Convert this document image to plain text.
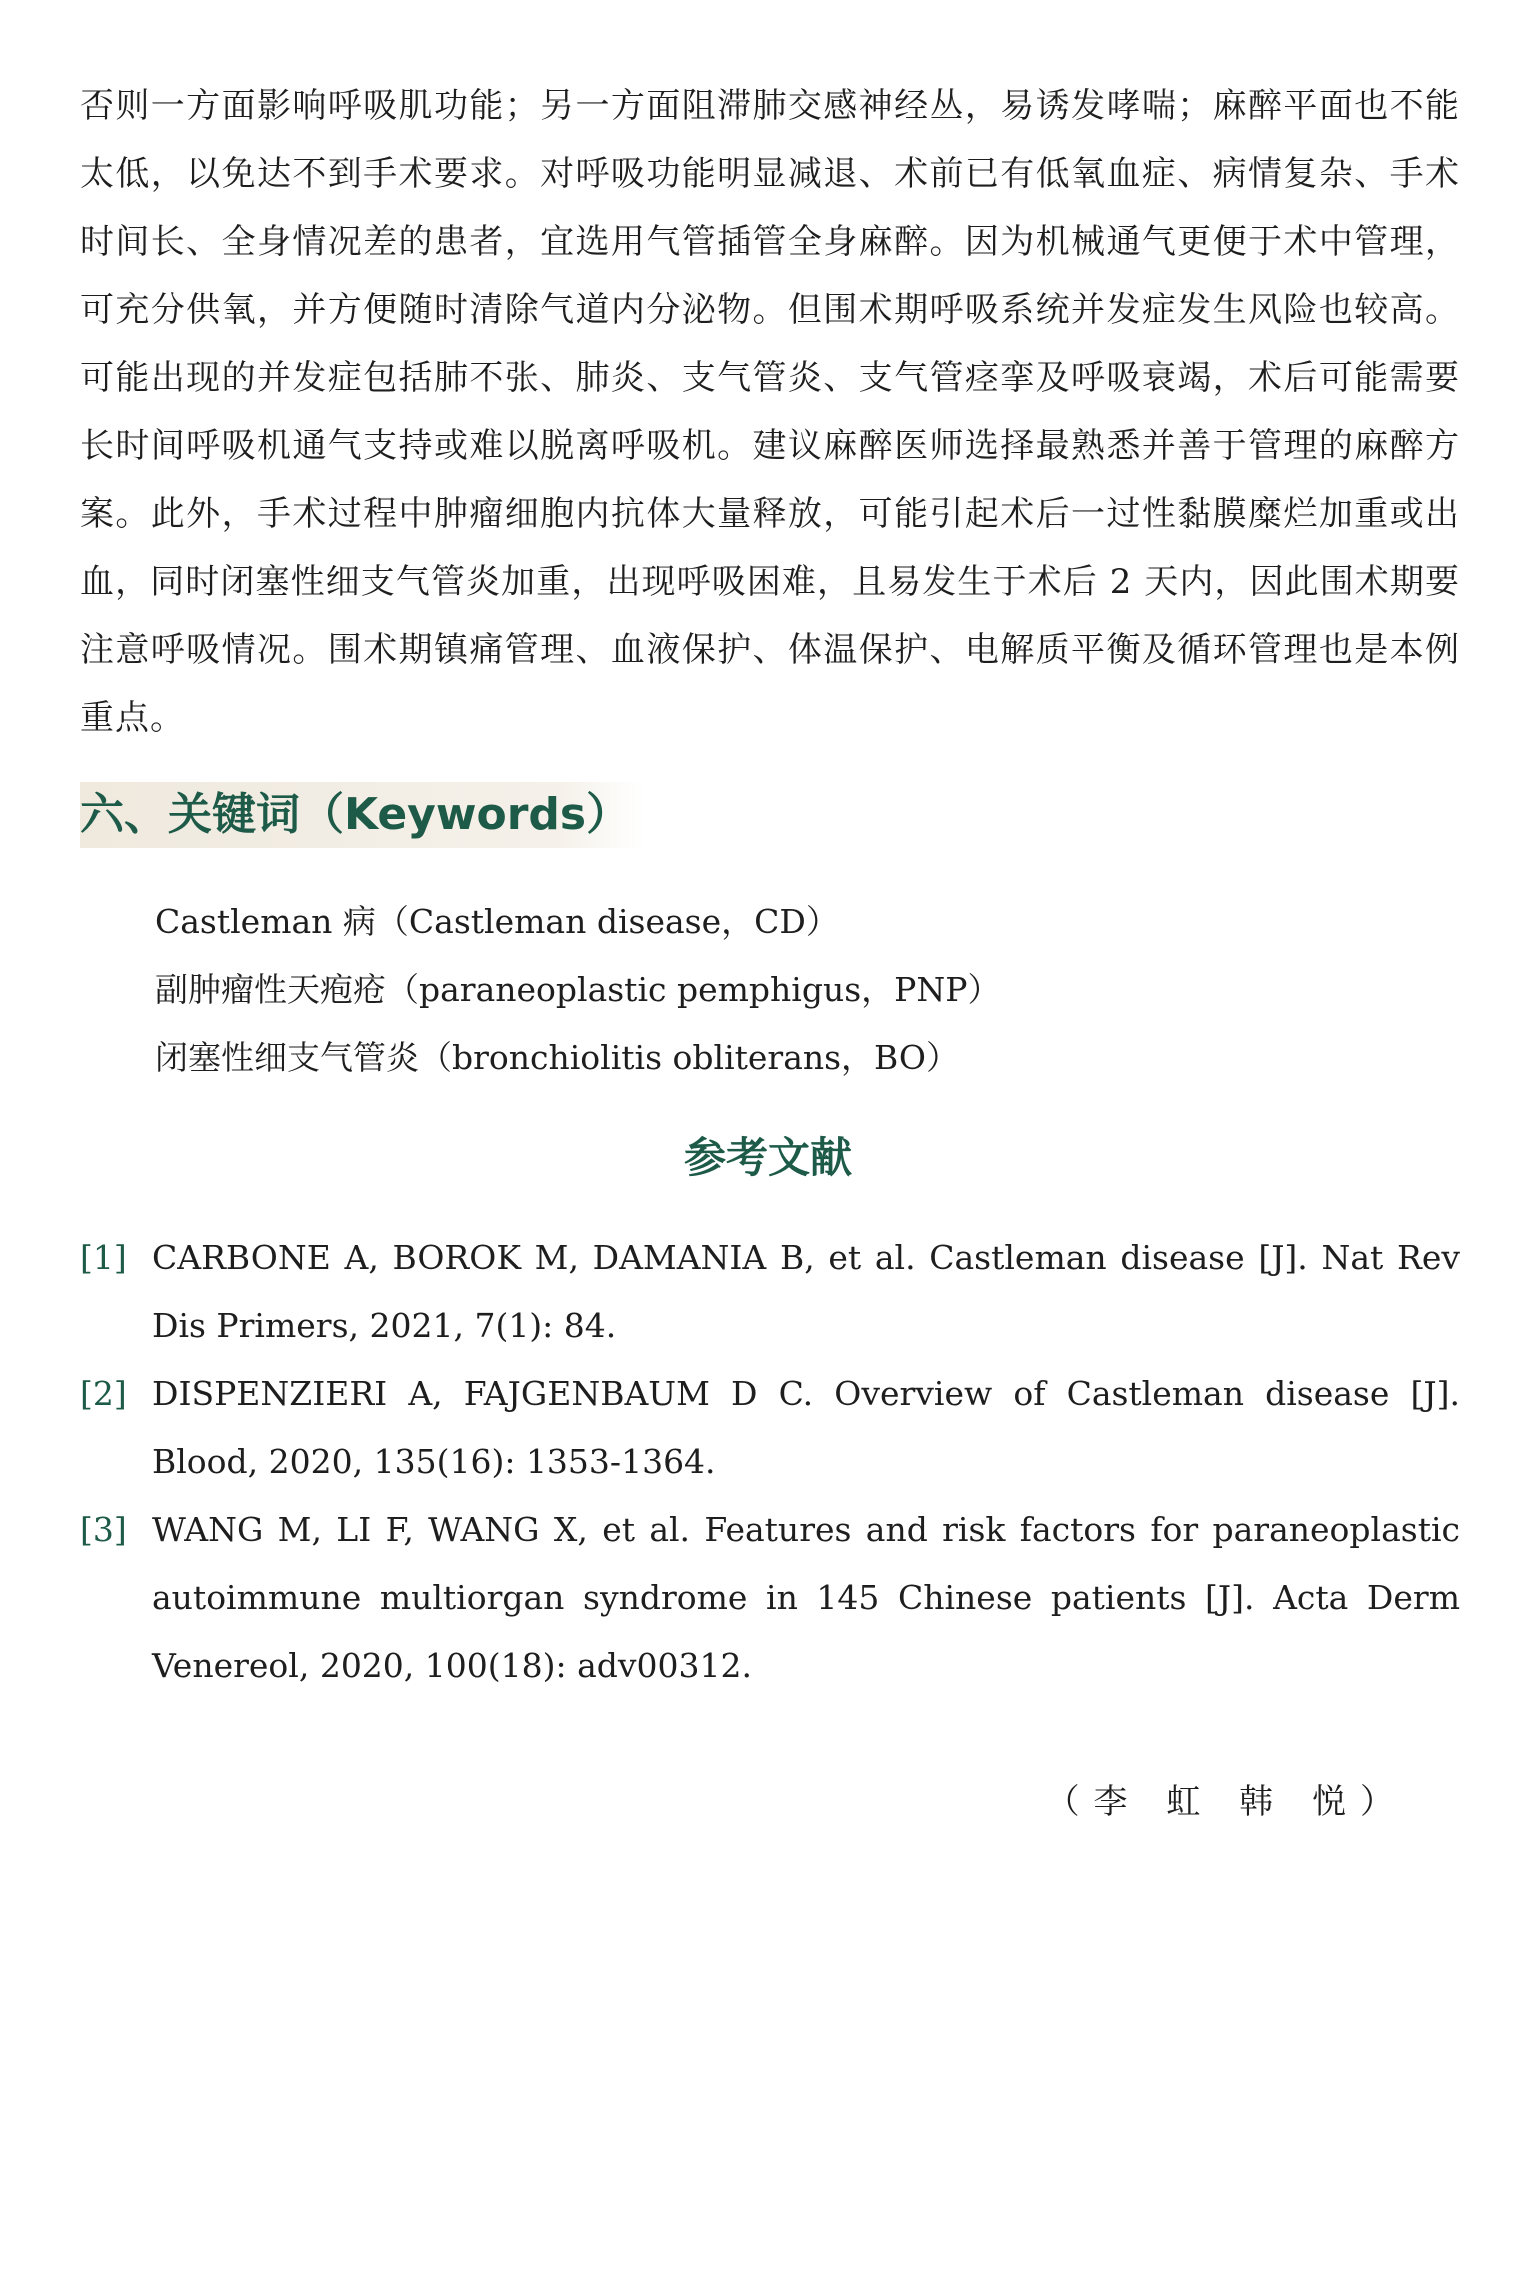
否则一方面影响呼吸肌功能；另一方面阻滞肺交感神经丛，易诱发哮喘；麻醉平面也不能太低，以免达不到手术要求。对呼吸功能明显减退、术前已有低氧血症、病情复杂、手术时间长、全身情况差的患者，宜选用气管插管全身麻醉。因为机械通气更便于术中管理，可充分供氧，并方便随时清除气道内分泌物。但围术期呼吸系统并发症发生风险也较高。可能出现的并发症包括肺不张、肺炎、支气管炎、支气管痉挛及呼吸衰竭，术后可能需要长时间呼吸机通气支持或难以脱离呼吸机。建议麻醉医师选择最熟悉并善于管理的麻醉方案。此外，手术过程中肿瘤细胞内抗体大量释放，可能引起术后一过性黏膜糜烂加重或出血，同时闭塞性细支气管炎加重，出现呼吸困难，且易发生于术后 2 天内，因此围术期要注意呼吸情况。围术期镇痛管理、血液保护、体温保护、电解质平衡及循环管理也是本例重点。

六、关键词（Keywords）
Castleman 病（Castleman disease，CD）
副肿瘤性天疱疮（paraneoplastic pemphigus，PNP）
闭塞性细支气管炎（bronchiolitis obliterans，BO）
参考文献
[1] CARBONE A, BOROK M, DAMANIA B, et al. Castleman disease [J]. Nat Rev Dis Primers, 2021, 7(1): 84.
[2] DISPENZIERI A, FAJGENBAUM D C. Overview of Castleman disease [J]. Blood, 2020, 135(16): 1353-1364.
[3] WANG M, LI F, WANG X, et al. Features and risk factors for paraneoplastic autoimmune multiorgan syndrome in 145 Chinese patients [J]. Acta Derm Venereol, 2020, 100(18): adv00312.

（李 虹 韩 悦）
